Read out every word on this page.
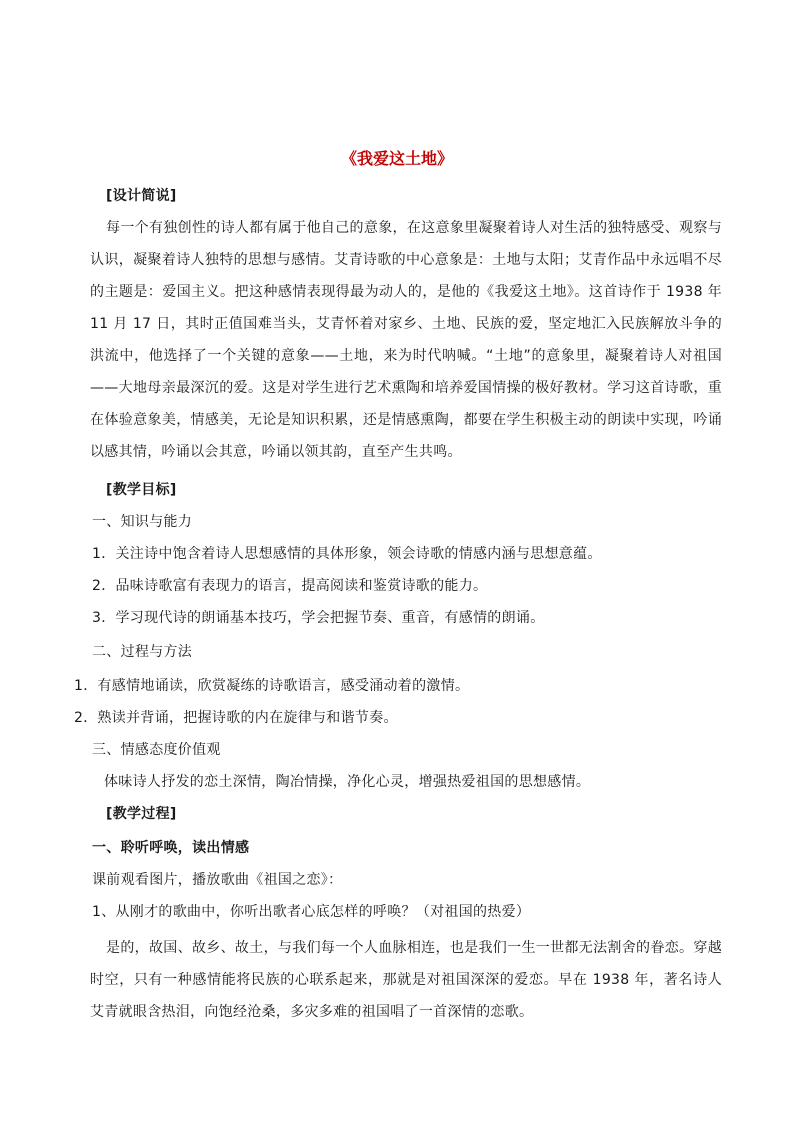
《我爱这土地》
[设计简说]
每一个有独创性的诗人都有属于他自己的意象，在这意象里凝聚着诗人对生活的独特感受、观察与认识，凝聚着诗人独特的思想与感情。艾青诗歌的中心意象是：土地与太阳；艾青作品中永远唱不尽的主题是：爱国主义。把这种感情表现得最为动人的，是他的《我爱这土地》。这首诗作于 1938 年 11 月 17 日，其时正值国难当头，艾青怀着对家乡、土地、民族的爱，坚定地汇入民族解放斗争的洪流中，他选择了一个关键的意象——土地，来为时代呐喊。“土地”的意象里，凝聚着诗人对祖国——大地母亲最深沉的爱。这是对学生进行艺术熏陶和培养爱国情操的极好教材。学习这首诗歌，重在体验意象美，情感美，无论是知识积累，还是情感熏陶，都要在学生积极主动的朗读中实现，吟诵以感其情，吟诵以会其意，吟诵以领其韵，直至产生共鸣。
[教学目标]
一、知识与能力
1．关注诗中饱含着诗人思想感情的具体形象，领会诗歌的情感内涵与思想意蕴。
2．品味诗歌富有表现力的语言，提高阅读和鉴赏诗歌的能力。
3．学习现代诗的朗诵基本技巧，学会把握节奏、重音，有感情的朗诵。
二、过程与方法
1．有感情地诵读，欣赏凝练的诗歌语言，感受涌动着的激情。
2．熟读并背诵，把握诗歌的内在旋律与和谐节奏。
三、情感态度价值观
体味诗人抒发的恋土深情，陶冶情操，净化心灵，增强热爱祖国的思想感情。
[教学过程]
一、聆听呼唤，读出情感
课前观看图片，播放歌曲《祖国之恋》：
1、从刚才的歌曲中，你听出歌者心底怎样的呼唤？（对祖国的热爱）
是的，故国、故乡、故土，与我们每一个人血脉相连，也是我们一生一世都无法割舍的眷恋。穿越时空，只有一种感情能将民族的心联系起来，那就是对祖国深深的爱恋。早在 1938 年，著名诗人艾青就眼含热泪，向饱经沧桑，多灾多难的祖国唱了一首深情的恋歌。
